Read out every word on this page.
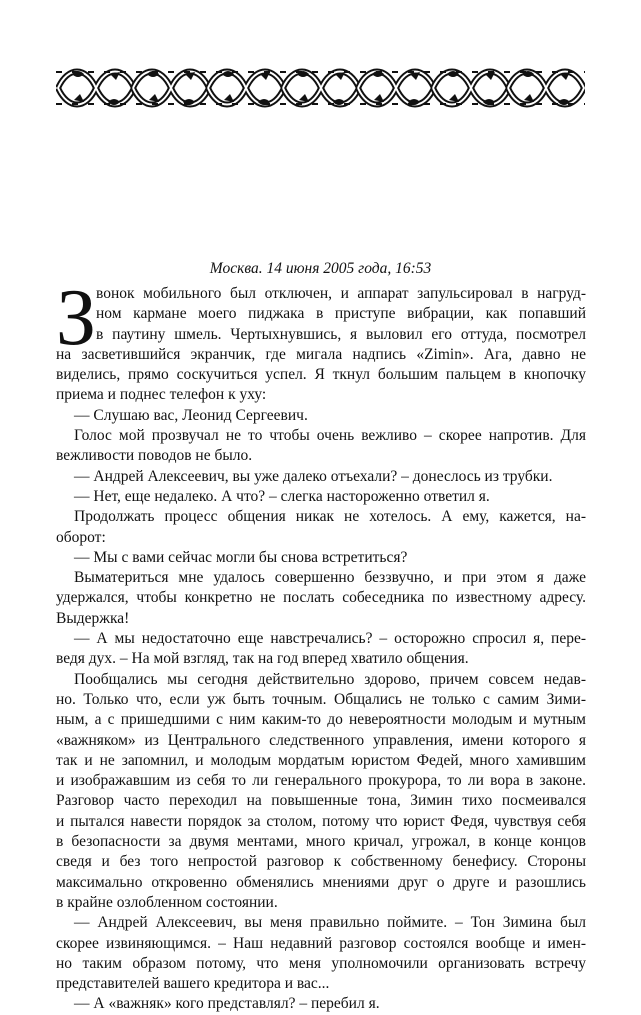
Москва. 14 июня 2005 года, 16:53
З вонок мобильного был отключен, и аппарат запульсировал в нагруд-
ном кармане моего пиджака в приступе вибрации, как попавший
в паутину шмель. Чертыхнувшись, я выловил его оттуда, посмотрел
на засветившийся экранчик, где мигала надпись «Zimin». Ага, давно не
виделись, прямо соскучиться успел. Я ткнул большим пальцем в кнопочку
приема и поднес телефон к уху:
— Слушаю вас, Леонид Сергеевич.
Голос мой прозвучал не то чтобы очень вежливо – скорее напротив. Для
вежливости поводов не было.
— Андрей Алексеевич, вы уже далеко отъехали? – донеслось из трубки.
— Нет, еще недалеко. А что? – слегка настороженно ответил я.
Продолжать процесс общения никак не хотелось. А ему, кажется, на-
оборот:
— Мы с вами сейчас могли бы снова встретиться?
Выматериться мне удалось совершенно беззвучно, и при этом я даже
удержался, чтобы конкретно не послать собеседника по известному адресу.
Выдержка!
— А мы недостаточно еще навстречались? – осторожно спросил я, пере-
ведя дух. – На мой взгляд, так на год вперед хватило общения.
Пообщались мы сегодня действительно здорово, причем совсем недав-
но. Только что, если уж быть точным. Общались не только с самим Зими-
ным, а с пришедшими с ним каким-то до невероятности молодым и мутным
«важняком» из Центрального следственного управления, имени которого я
так и не запомнил, и молодым мордатым юристом Федей, много хамившим
и изображавшим из себя то ли генерального прокурора, то ли вора в законе.
Разговор часто переходил на повышенные тона, Зимин тихо посмеивался
и пытался навести порядок за столом, потому что юрист Федя, чувствуя себя
в безопасности за двумя ментами, много кричал, угрожал, в конце концов
сведя и без того непростой разговор к собственному бенефису. Стороны
максимально откровенно обменялись мнениями друг о друге и разошлись
в крайне озлобленном состоянии.
— Андрей Алексеевич, вы меня правильно поймите. – Тон Зимина был
скорее извиняющимся. – Наш недавний разговор состоялся вообще и имен-
но таким образом потому, что меня уполномочили организовать встречу
представителей вашего кредитора и вас...
— А «важняк» кого представлял? – перебил я.
